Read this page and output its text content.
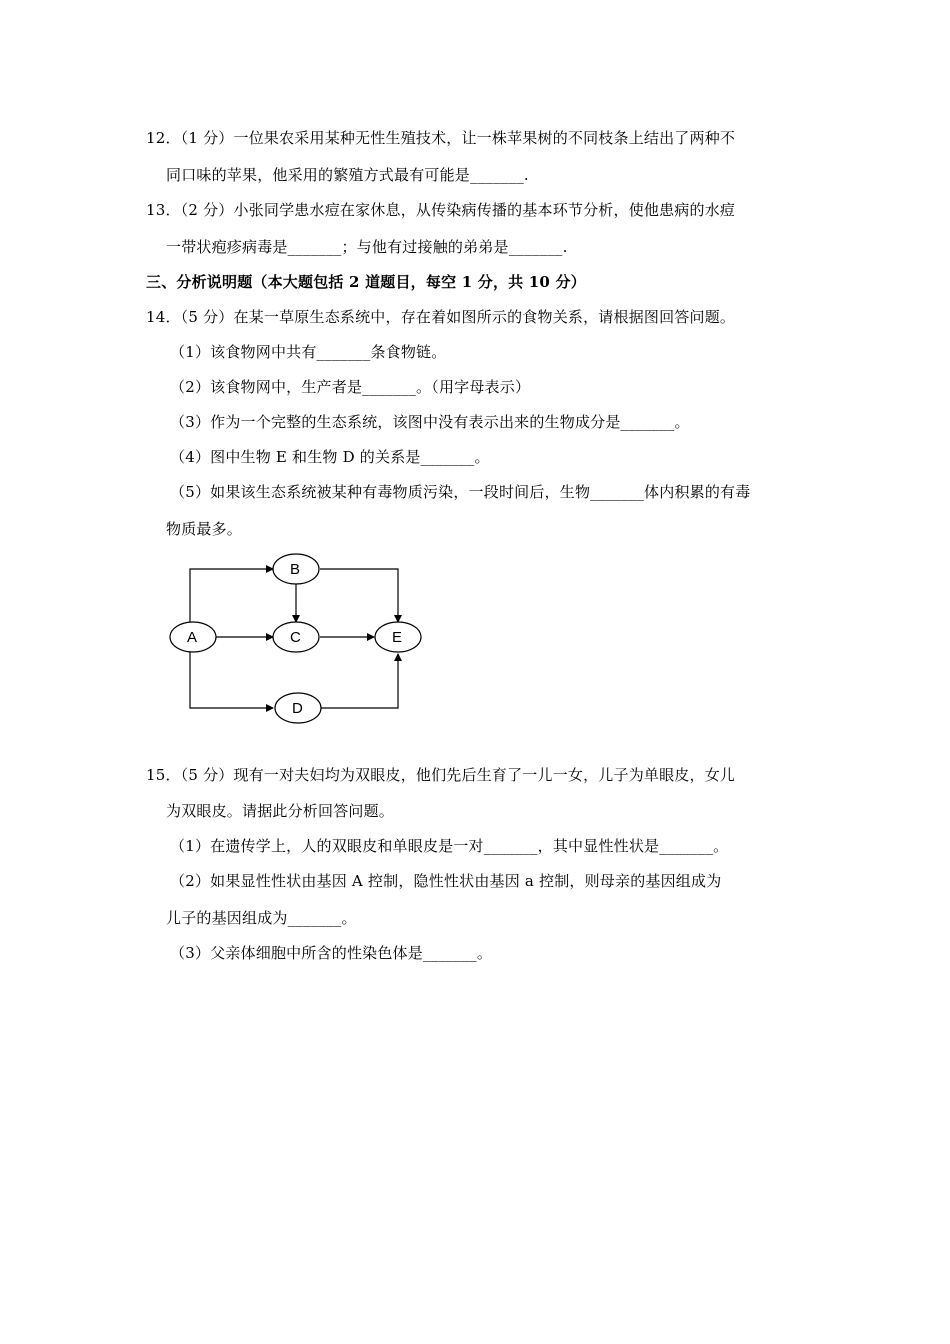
12．（1 分）一位果农采用某种无性生殖技术，让一株苹果树的不同枝条上结出了两种不
同口味的苹果，他采用的繁殖方式最有可能是_______.
13．（2 分）小张同学患水痘在家休息，从传染病传播的基本环节分析，使他患病的水痘
一带状疱疹病毒是_______；与他有过接触的弟弟是_______.
三、分析说明题（本大题包括 2 道题目，每空 1 分，共 10 分）
14．（5 分）在某一草原生态系统中，存在着如图所示的食物关系，请根据图回答问题。
（1）该食物网中共有_______条食物链。
（2）该食物网中，生产者是_______。（用字母表示）
（3）作为一个完整的生态系统，该图中没有表示出来的生物成分是_______。
（4）图中生物 E 和生物 D 的关系是_______。
（5）如果该生态系统被某种有毒物质污染，一段时间后，生物_______体内积累的有毒
物质最多。
A
B
C	E
D
15．（5 分）现有一对夫妇均为双眼皮，他们先后生育了一儿一女，儿子为单眼皮，女儿
为双眼皮。请据此分析回答问题。
（1）在遗传学上，人的双眼皮和单眼皮是一对_______，其中显性性状是_______。
（2）如果显性性状由基因 A 控制，隐性性状由基因 a 控制，则母亲的基因组成为
儿子的基因组成为_______。
（3）父亲体细胞中所含的性染色体是_______。
